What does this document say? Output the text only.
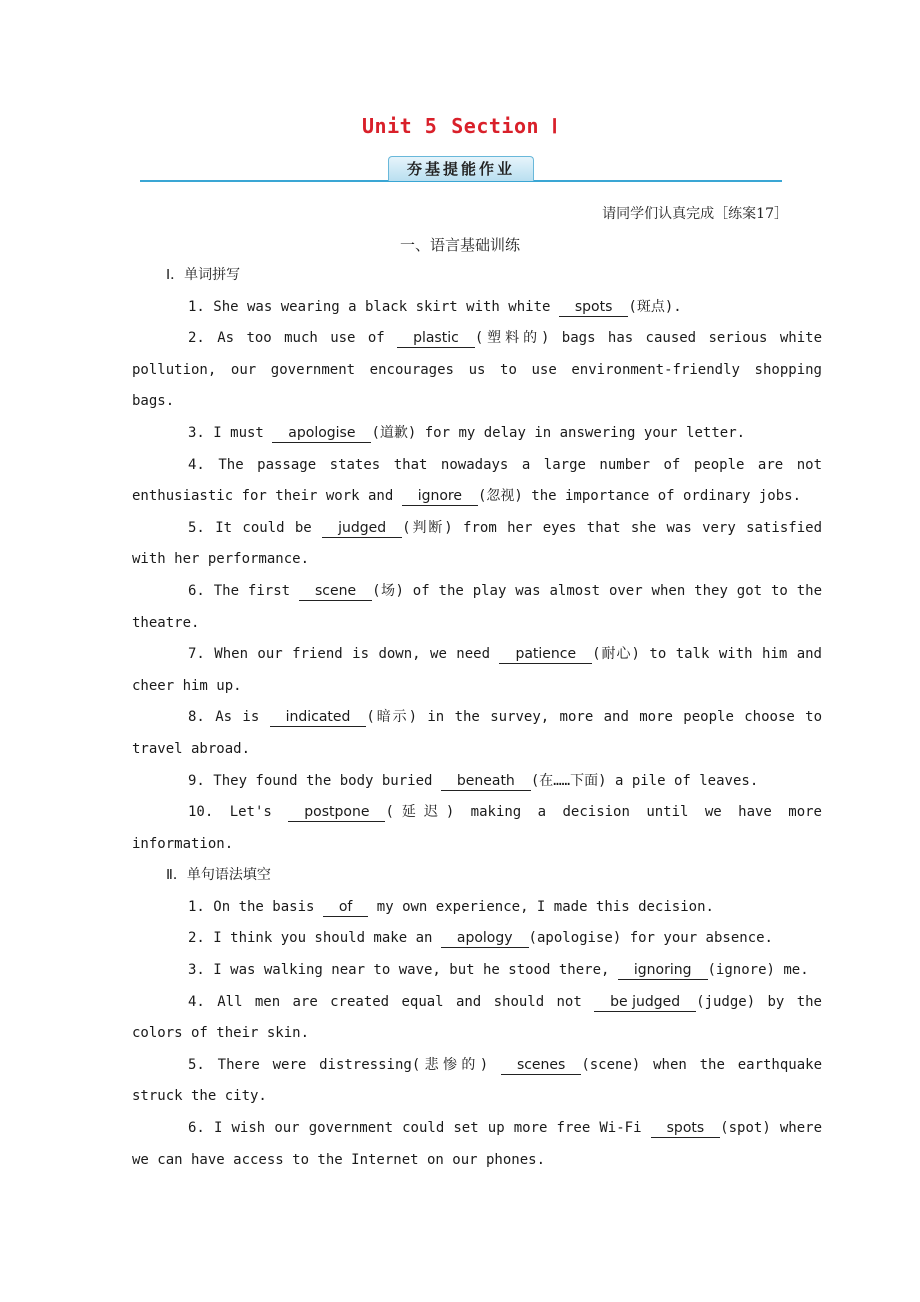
Unit 5 Section Ⅰ
夯基提能作业
请同学们认真完成［练案17］
一、语言基础训练

Ⅰ．单词拼写

1. She was wearing a black skirt with white spots (斑点).

2. As too much use of plastic (塑料的) bags has caused serious white pollution, our government encourages us to use environment-friendly shopping bags.

3. I must apologise (道歉) for my delay in answering your letter.

4. The passage states that nowadays a large number of people are not enthusiastic for their work and ignore (忽视) the importance of ordinary jobs.

5. It could be judged (判断) from her eyes that she was very satisfied with her performance.

6. The first scene (场) of the play was almost over when they got to the theatre.

7. When our friend is down, we need patience (耐心) to talk with him and cheer him up.

8. As is indicated (暗示) in the survey, more and more people choose to travel abroad.

9. They found the body buried beneath (在……下面) a pile of leaves.

10. Let's postpone (延迟) making a decision until we have more information.

Ⅱ．单句语法填空

1. On the basis of my own experience, I made this decision.

2. I think you should make an apology (apologise) for your absence.

3. I was walking near to wave, but he stood there, ignoring (ignore) me.

4. All men are created equal and should not be judged (judge) by the colors of their skin.

5. There were distressing(悲惨的) scenes (scene) when the earthquake struck the city.

6. I wish our government could set up more free Wi-Fi spots (spot) where we can have access to the Internet on our phones.
